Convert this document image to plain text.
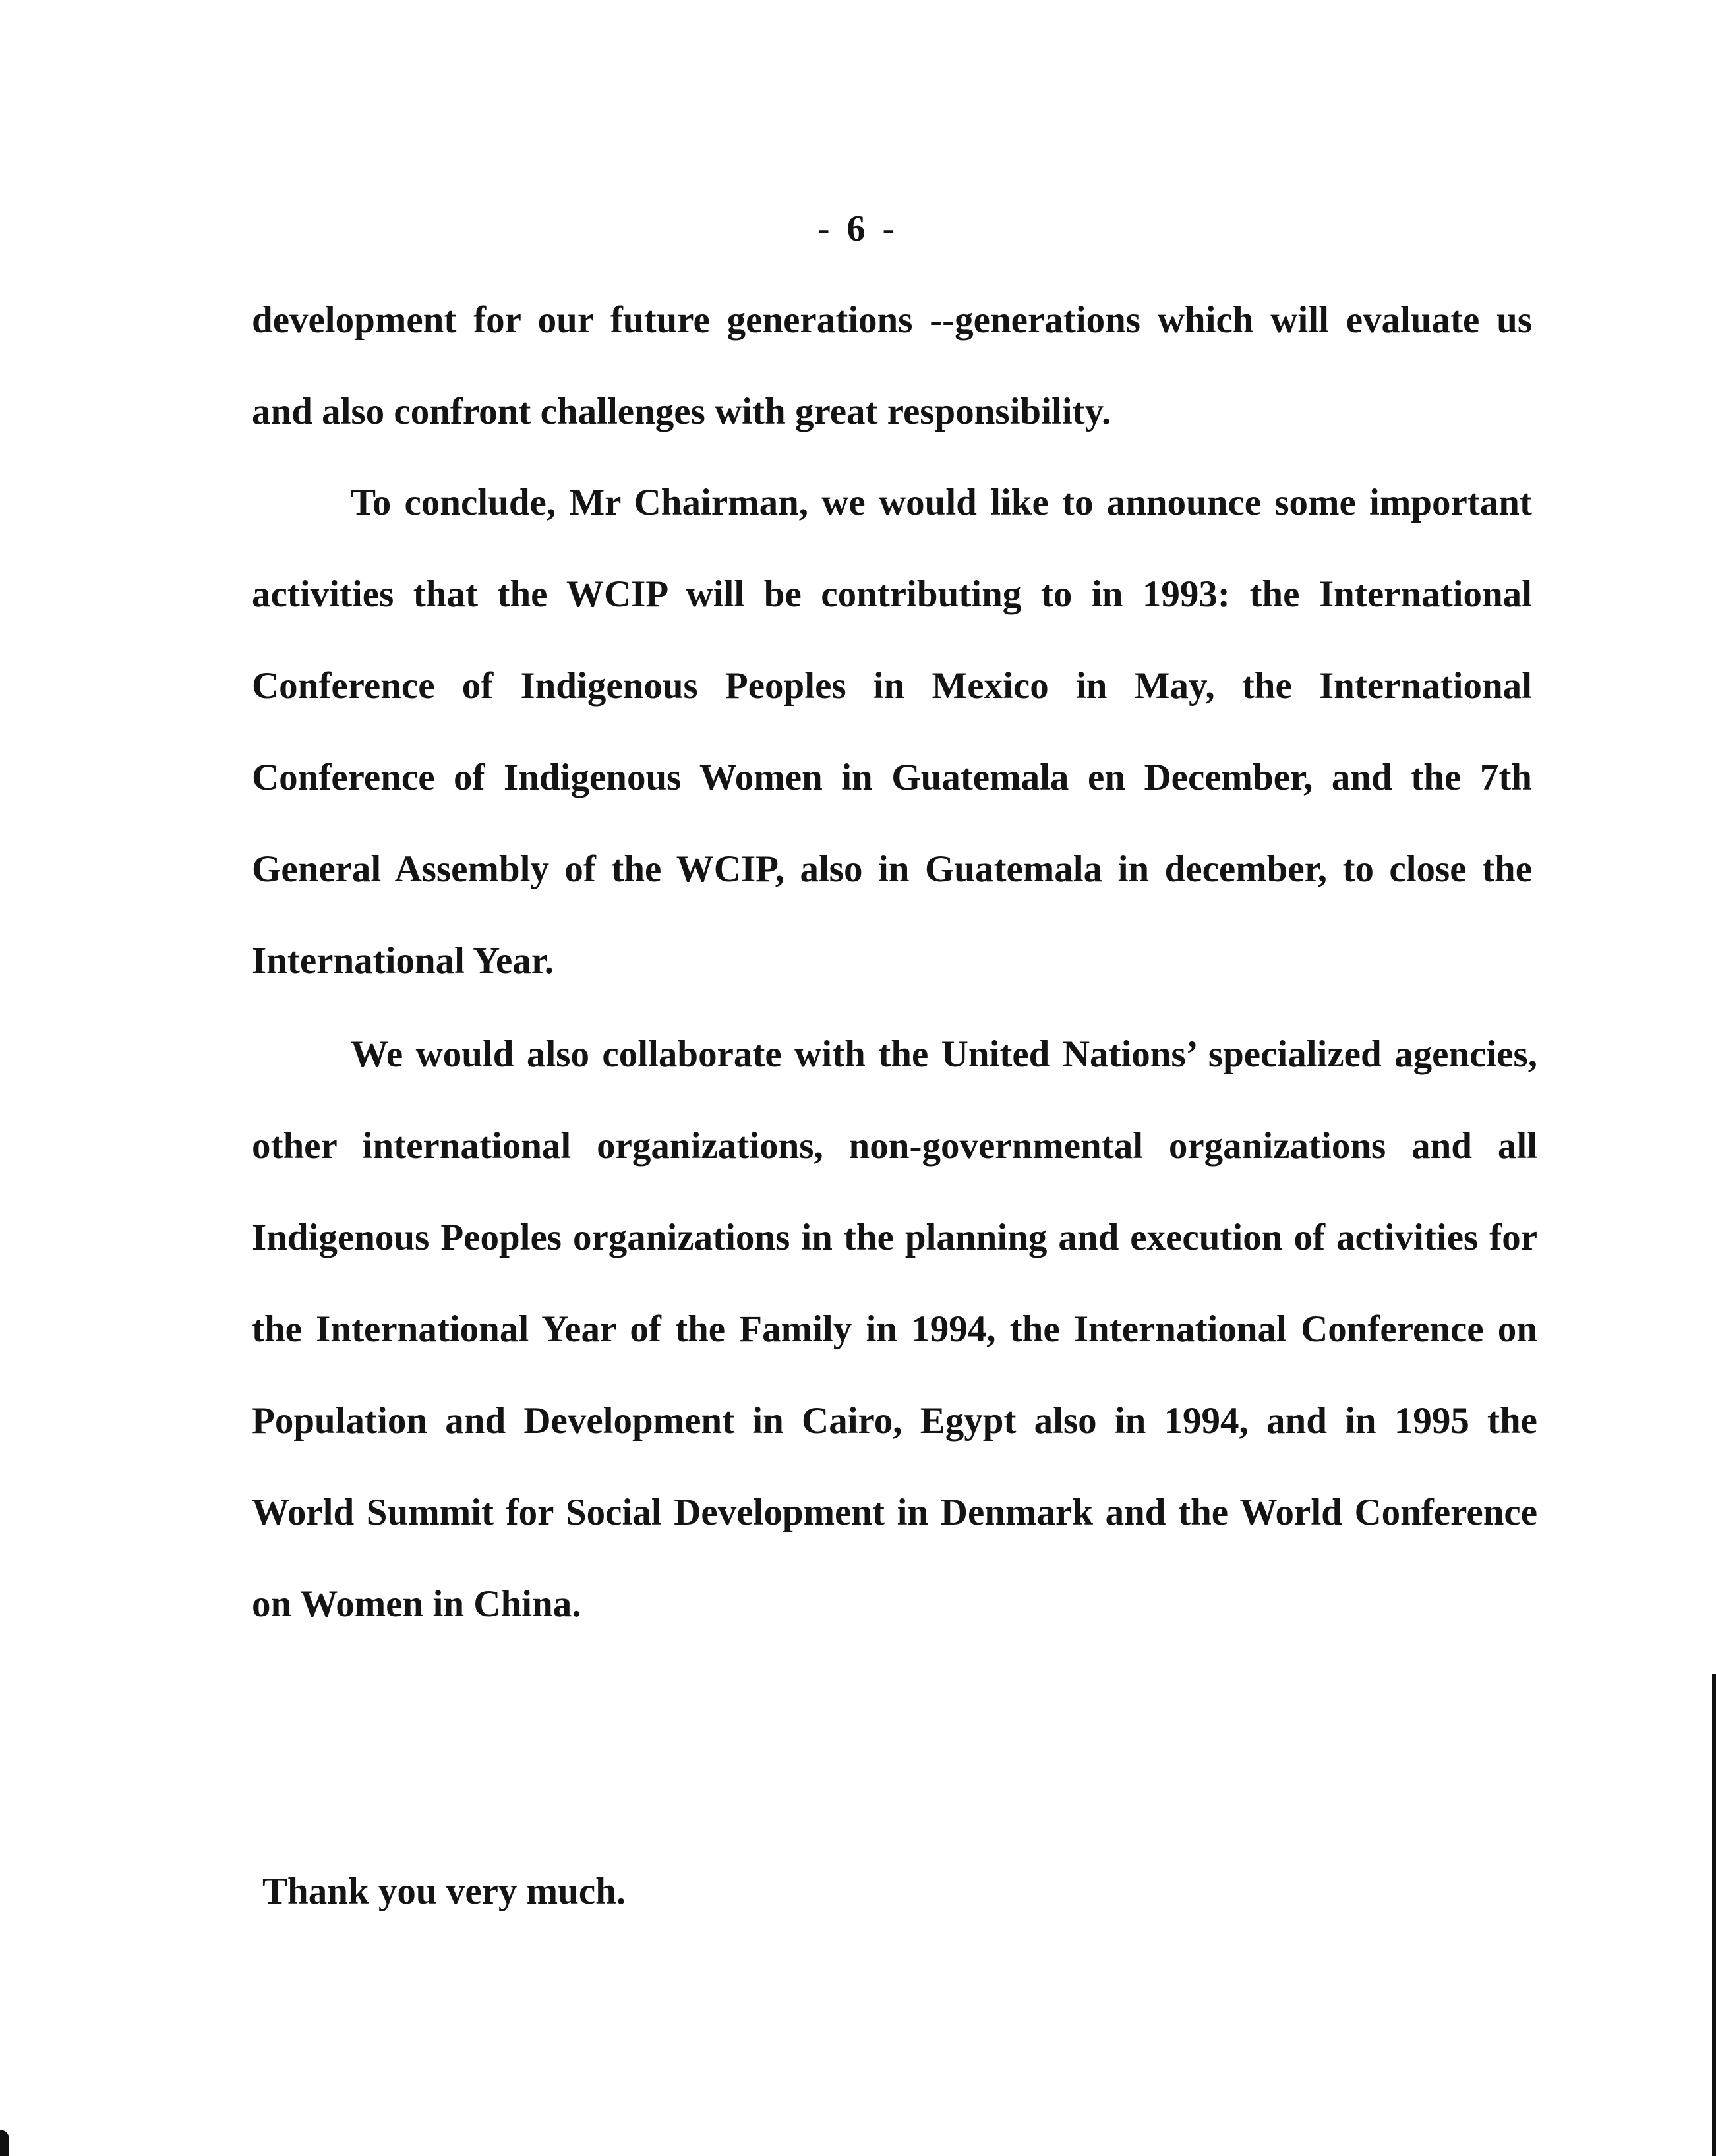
- 6 -

development for our future generations --generations which will evaluate us and also confront challenges with great responsibility.

To conclude, Mr Chairman, we would like to announce some important activities that the WCIP will be contributing to in 1993: the International Conference of Indigenous Peoples in Mexico in May, the International Conference of Indigenous Women in Guatemala en December, and the 7th General Assembly of the WCIP, also in Guatemala in december, to close the International Year.

We would also collaborate with the United Nations’ specialized agencies, other international organizations, non-governmental organizations and all Indigenous Peoples organizations in the planning and execution of activities for the International Year of the Family in 1994, the International Conference on Population and Development in Cairo, Egypt also in 1994, and in 1995 the World Summit for Social Development in Denmark and the World Conference on Women in China.

Thank you very much.
